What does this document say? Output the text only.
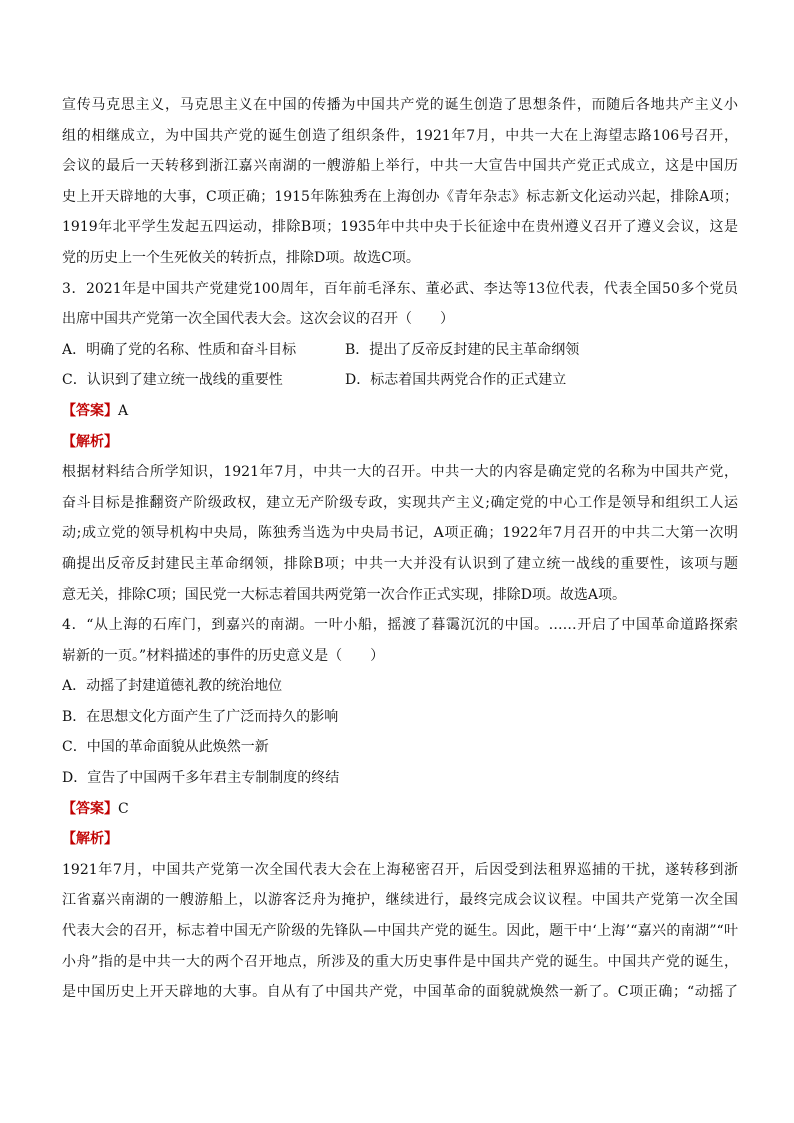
宣传马克思主义，马克思主义在中国的传播为中国共产党的诞生创造了思想条件，而随后各地共产主义小
组的相继成立，为中国共产党的诞生创造了组织条件，1921年7月，中共一大在上海望志路106号召开，
会议的最后一天转移到浙江嘉兴南湖的一艘游船上举行，中共一大宣告中国共产党正式成立，这是中国历
史上开天辟地的大事，C项正确；1915年陈独秀在上海创办《青年杂志》标志新文化运动兴起，排除A项；
1919年北平学生发起五四运动，排除B项；1935年中共中央于长征途中在贵州遵义召开了遵义会议，这是
党的历史上一个生死攸关的转折点，排除D项。故选C项。
3．2021年是中国共产党建党100周年，百年前毛泽东、董必武、李达等13位代表，代表全国50多个党员
出席中国共产党第一次全国代表大会。这次会议的召开（　　）
A．明确了党的名称、性质和奋斗目标	B．提出了反帝反封建的民主革命纲领
C．认识到了建立统一战线的重要性	D．标志着国共两党合作的正式建立
【答案】A
【解析】
根据材料结合所学知识，1921年7月，中共一大的召开。中共一大的内容是确定党的名称为中国共产党，
奋斗目标是推翻资产阶级政权，建立无产阶级专政，实现共产主义;确定党的中心工作是领导和组织工人运
动;成立党的领导机构中央局，陈独秀当选为中央局书记，A项正确；1922年7月召开的中共二大第一次明
确提出反帝反封建民主革命纲领，排除B项；中共一大并没有认识到了建立统一战线的重要性，该项与题
意无关，排除C项；国民党一大标志着国共两党第一次合作正式实现，排除D项。故选A项。
4．“从上海的石库门，到嘉兴的南湖。一叶小船，摇渡了暮霭沉沉的中国。……开启了中国革命道路探索
崭新的一页。”材料描述的事件的历史意义是（　　）
A．动摇了封建道德礼教的统治地位
B．在思想文化方面产生了广泛而持久的影响
C．中国的革命面貌从此焕然一新
D．宣告了中国两千多年君主专制制度的终结
【答案】C
【解析】
1921年7月，中国共产党第一次全国代表大会在上海秘密召开，后因受到法租界巡捕的干扰，遂转移到浙
江省嘉兴南湖的一艘游船上，以游客泛舟为掩护，继续进行，最终完成会议议程。中国共产党第一次全国
代表大会的召开，标志着中国无产阶级的先锋队—中国共产党的诞生。因此，题干中‘上海’“嘉兴的南湖”“叶
小舟”指的是中共一大的两个召开地点，所涉及的重大历史事件是中国共产党的诞生。中国共产党的诞生，
是中国历史上开天辟地的大事。自从有了中国共产党，中国革命的面貌就焕然一新了。C项正确；“动摇了
